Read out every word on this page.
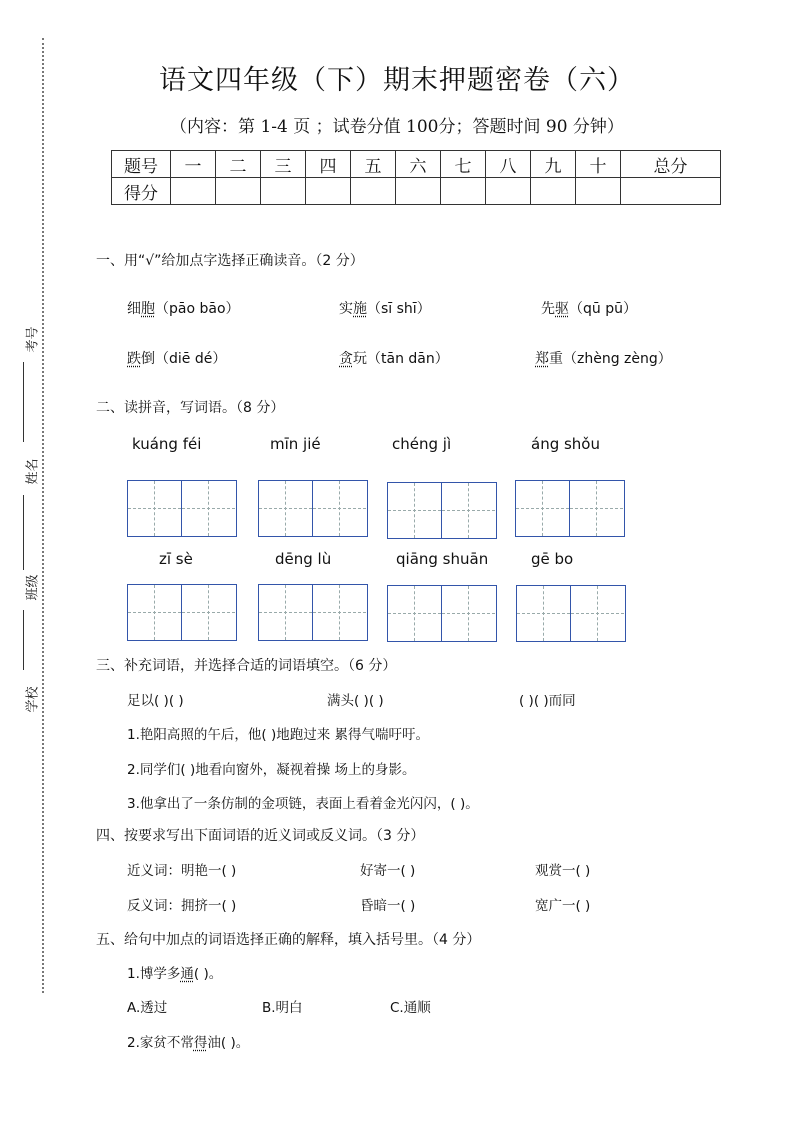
考号
姓名
班级
学校
语文四年级（下）期末押题密卷（六）
（内容：第 1-4 页 ；试卷分值 100分；答题时间 90 分钟）
题号	一	二	三	四	五	六	七	八	九	十	总分
得分											
一、用“√”给加点字选择正确读音。（2 分）
细胞（pāo bāo）	实施（sī shī）	先驱（qū pū）
跌倒（diē dé）	贪玩（tān dān）	郑重（zhèng zèng）
二、读拼音，写词语。（8 分）
kuáng féi	mīn jié	chéng jì	áng shǒu
zī sè	dēng lù	qiāng shuān	gē bo
三、补充词语，并选择合适的词语填空。（6 分）
足以( )( )	满头( )( )	( )( )而同
1.艳阳高照的午后，他( )地跑过来 累得气喘吁吁。
2.同学们( )地看向窗外，凝视着操 场上的身影。
3.他拿出了一条仿制的金项链，表面上看着金光闪闪，( )。
四、按要求写出下面词语的近义词或反义词。（3 分）
近义词：明艳一( )	好寄一( )	观赏一( )
反义词：拥挤一( )	昏暗一( )	宽广一( )
五、给句中加点的词语选择正确的解释，填入括号里。（4 分）
1.博学多通( )。
A.透过	B.明白	C.通顺
2.家贫不常得油( )。
